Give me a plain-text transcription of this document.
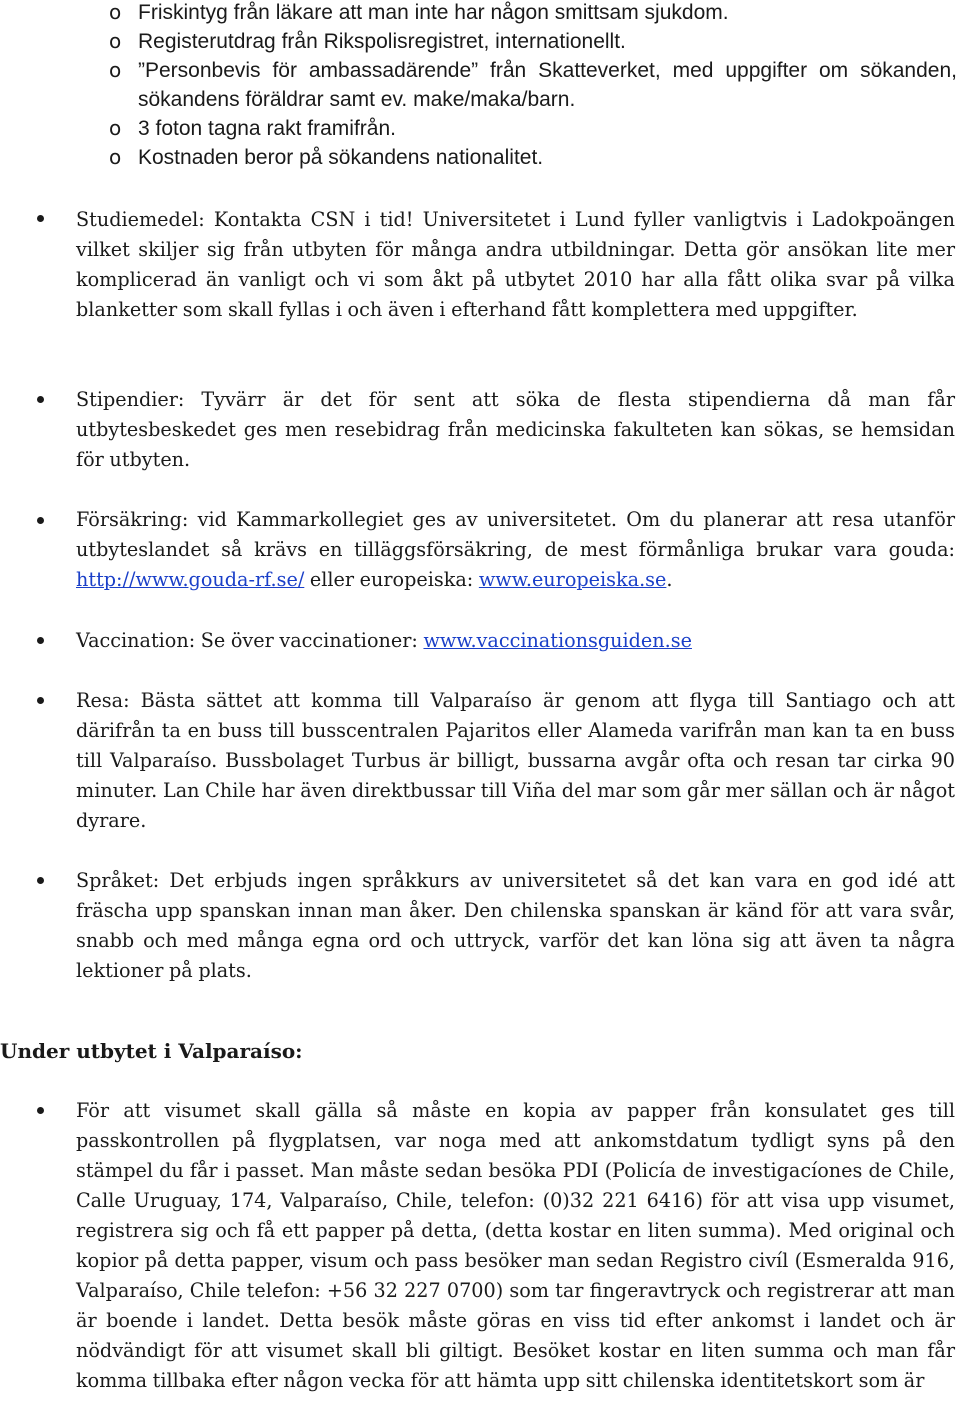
o Friskintyg från läkare att man inte har någon smittsam sjukdom.
o Registerutdrag från Rikspolisregistret, internationellt.
o ”Personbevis för ambassadärende” från Skatteverket, med uppgifter om sökanden, sökandens föräldrar samt ev. make/maka/barn.
o 3 foton tagna rakt framifrån.
o Kostnaden beror på sökandens nationalitet.
Studiemedel: Kontakta CSN i tid! Universitetet i Lund fyller vanligtvis i Ladokpoängen vilket skiljer sig från utbyten för många andra utbildningar. Detta gör ansökan lite mer komplicerad än vanligt och vi som åkt på utbytet 2010 har alla fått olika svar på vilka blanketter som skall fyllas i och även i efterhand fått komplettera med uppgifter.
Stipendier: Tyvärr är det för sent att söka de flesta stipendierna då man får utbytesbeskedet ges men resebidrag från medicinska fakulteten kan sökas, se hemsidan för utbyten.
Försäkring: vid Kammarkollegiet ges av universitetet. Om du planerar att resa utanför utbyteslandet så krävs en tilläggsförsäkring, de mest förmånliga brukar vara gouda: http://www.gouda-rf.se/ eller europeiska: www.europeiska.se.
Vaccination: Se över vaccinationer: www.vaccinationsguiden.se
Resa: Bästa sättet att komma till Valparaíso är genom att flyga till Santiago och att därifrån ta en buss till busscentralen Pajaritos eller Alameda varifrån man kan ta en buss till Valparaíso. Bussbolaget Turbus är billigt, bussarna avgår ofta och resan tar cirka 90 minuter. Lan Chile har även direktbussar till Viña del mar som går mer sällan och är något dyrare.
Språket: Det erbjuds ingen språkkurs av universitetet så det kan vara en god idé att fräscha upp spanskan innan man åker. Den chilenska spanskan är känd för att vara svår, snabb och med många egna ord och uttryck, varför det kan löna sig att även ta några lektioner på plats.
Under utbytet i Valparaíso:
För att visumet skall gälla så måste en kopia av papper från konsulatet ges till passkontrollen på flygplatsen, var noga med att ankomstdatum tydligt syns på den stämpel du får i passet. Man måste sedan besöka PDI (Policía de investigacíones de Chile, Calle Uruguay, 174, Valparaíso, Chile, telefon: (0)32 221 6416) för att visa upp visumet, registrera sig och få ett papper på detta, (detta kostar en liten summa). Med original och kopior på detta papper, visum och pass besöker man sedan Registro civíl (Esmeralda 916, Valparaíso, Chile telefon: +56 32 227 0700) som tar fingeravtryck och registrerar att man är boende i landet. Detta besök måste göras en viss tid efter ankomst i landet och är nödvändigt för att visumet skall bli giltigt. Besöket kostar en liten summa och man får komma tillbaka efter någon vecka för att hämta upp sitt chilenska identitetskort som är
